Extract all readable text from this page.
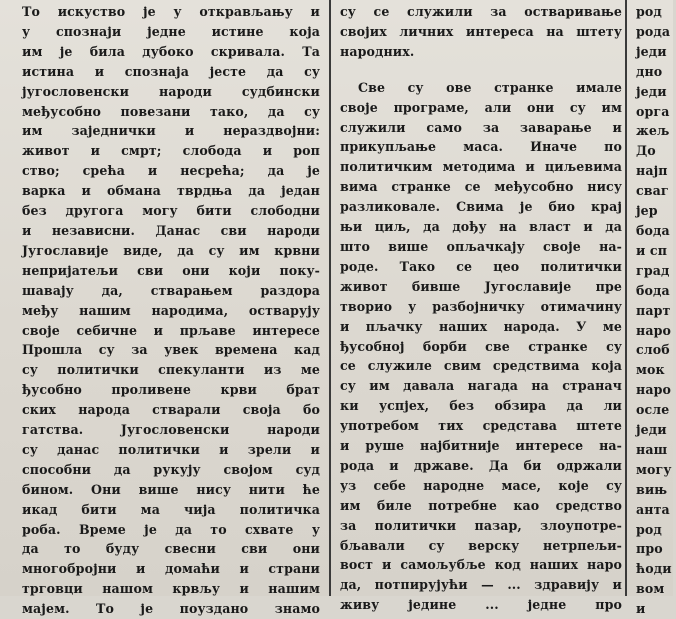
То искуство је у открављању и
у спознаји једне истине која
им је била дубоко скривала. Та
истина и спознаја јесте да су
југословенски народи судбински
међусобно повезани тако, да су
им заједнички и нераздвојни:
живот и смрт; слобода и роп
ство; срећа и несрећа; да је
варка и обмана тврдња да један
без другога могу бити слободни
и независни. Данас сви народи
Југославије виде, да су им крвни
непријатељи сви они који поку-
шавају да, стварањем раздора
међу нашим народима, остварују
своје себичне и прљаве интересе
Прошла су за увек времена кад
су политички спекуланти из ме
ђусобно проливене крви брат
ских народа стварали своја бо
гатства. Југословенски народи
су данас политички и зрели и
способни да рукују својом суд
бином. Они више нису нити ће
икад бити ма чија политичка
роба. Време је да то схвате у
да то буду свесни сви они
многобројни и домаћи и страни
трговци нашом крвљу и нашим
мајем. То је поуздано знамо
су се служили за остваривање
својих личних интереса на штету
народних.
Све су ове странке имале
своје програме, али они су им
служили само за заварање и
прикупљање маса. Иначе по
политичким методима и циљевима
вима странке се међусобно нису
разликовале. Свима је био крај
њи циљ, да дођу на власт и да
што више опљачкају своје на-
роде. Тако се цео политички
живот бивше Југославије пре
творио у разбојничку отимачину
и пљачку наших народа. У ме
ђусобној борби све странке су
се служиле свим средствима која
су им давала нагада на странач
ки успјех, без обзира да ли
употребом тих средстава штете
и руше најбитније интересе на-
рода и државе. Да би одржали
уз себе народне масе, које су
им биле потребне као средство
за политички пазар, злоупотре-
бљавали су верску нетрпељи-
вост и самољубље код наших наро
да, потпирујући — ... здравију и
живу једине ... једне про
род
рода
једи
дно
једи
орга
жељ
До
најп
сваг
јер
бода
и сп
град
бода
парт
наро
слоб
мок
наро
осле
једи
наш
могу
вињ
анта
род
про
ћоди
вом
и
